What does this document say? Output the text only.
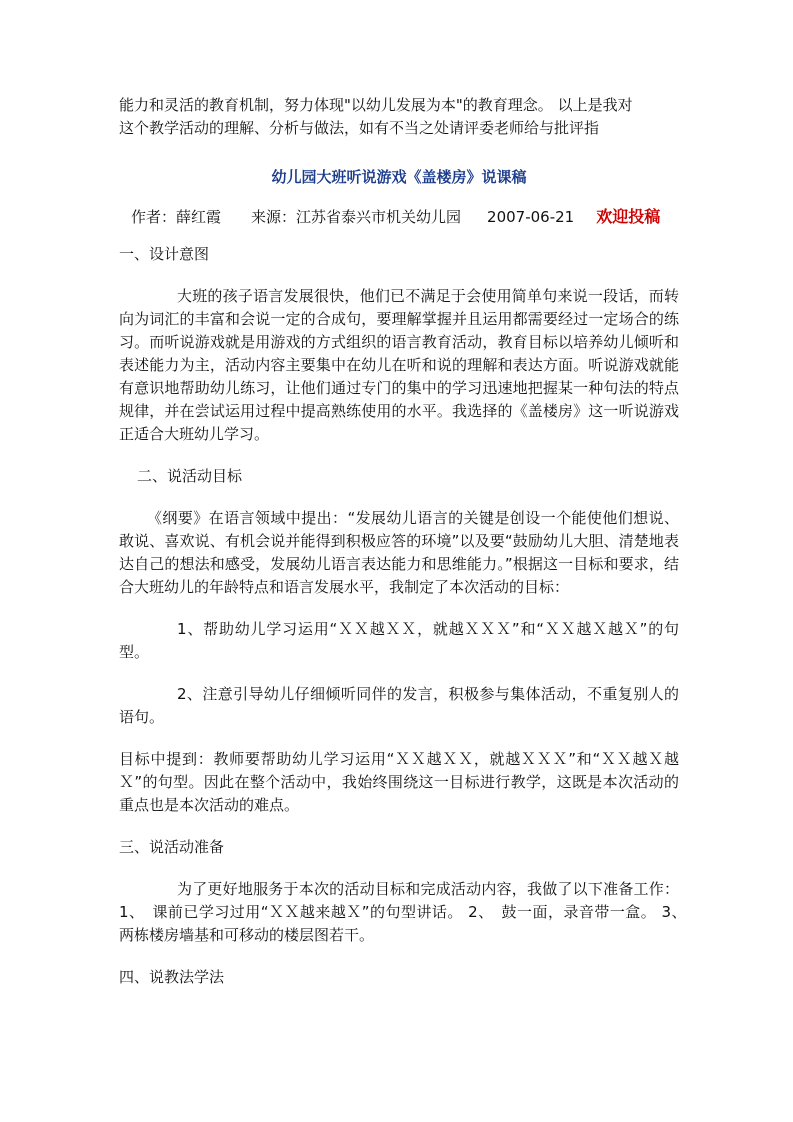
能力和灵活的教育机制，努力体现"以幼儿发展为本"的教育理念。 以上是我对

这个教学活动的理解、分析与做法，如有不当之处请评委老师给与批评指

幼儿园大班听说游戏《盖楼房》说课稿

作者：薛红霞 来源：江苏省泰兴市机关幼儿园 2007-06-21 欢迎投稿

一、设计意图

大班的孩子语言发展很快，他们已不满足于会使用简单句来说一段话，而转向为词汇的丰富和会说一定的合成句，要理解掌握并且运用都需要经过一定场合的练习。而听说游戏就是用游戏的方式组织的语言教育活动，教育目标以培养幼儿倾听和表述能力为主，活动内容主要集中在幼儿在听和说的理解和表达方面。听说游戏就能有意识地帮助幼儿练习，让他们通过专门的集中的学习迅速地把握某一种句法的特点规律，并在尝试运用过程中提高熟练使用的水平。我选择的《盖楼房》这一听说游戏正适合大班幼儿学习。

二、说活动目标

《纲要》在语言领域中提出：“发展幼儿语言的关键是创设一个能使他们想说、敢说、喜欢说、有机会说并能得到积极应答的环境”以及要“鼓励幼儿大胆、清楚地表达自己的想法和感受，发展幼儿语言表达能力和思维能力。”根据这一目标和要求，结合大班幼儿的年龄特点和语言发展水平，我制定了本次活动的目标：

1、帮助幼儿学习运用“ＸＸ越ＸＸ，就越ＸＸＸ”和“ＸＸ越Ｘ越Ｘ”的句型。

2、注意引导幼儿仔细倾听同伴的发言，积极参与集体活动，不重复别人的语句。

目标中提到：教师要帮助幼儿学习运用“ＸＸ越ＸＸ，就越ＸＸＸ”和“ＸＸ越Ｘ越Ｘ”的句型。因此在整个活动中，我始终围绕这一目标进行教学，这既是本次活动的重点也是本次活动的难点。

三、说活动准备

为了更好地服务于本次的活动目标和完成活动内容，我做了以下准备工作： 1、　课前已学习过用“ＸＸ越来越Ｘ”的句型讲话。 2、　鼓一面，录音带一盒。 3、　两栋楼房墙基和可移动的楼层图若干。

四、说教法学法
